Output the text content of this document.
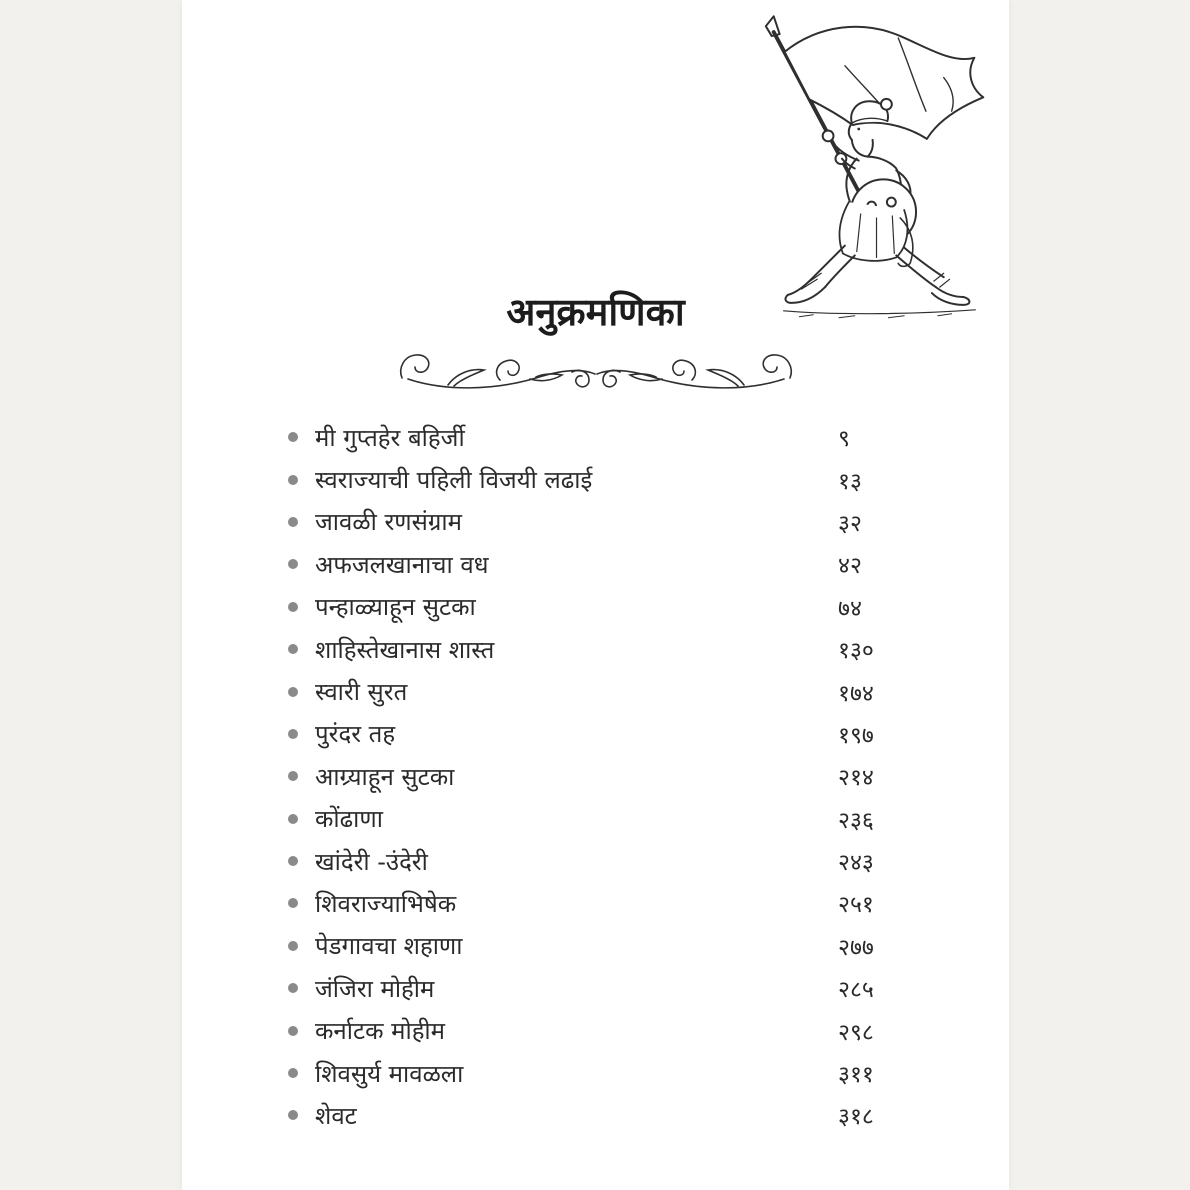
अनुक्रमणिका
मी गुप्तहेर बहिर्जी	९
स्वराज्याची पहिली विजयी लढाई	१३
जावळी रणसंग्राम	३२
अफजलखानाचा वध	४२
पन्हाळ्याहून सुटका	७४
शाहिस्तेखानास शास्त	१३०
स्वारी सुरत	१७४
पुरंदर तह	१९७
आग्र्याहून सुटका	२१४
कोंढाणा	२३६
खांदेरी -उंदेरी	२४३
शिवराज्याभिषेक	२५१
पेडगावचा शहाणा	२७७
जंजिरा मोहीम	२८५
कर्नाटक मोहीम	२९८
शिवसुर्य मावळला	३११
शेवट	३१८
